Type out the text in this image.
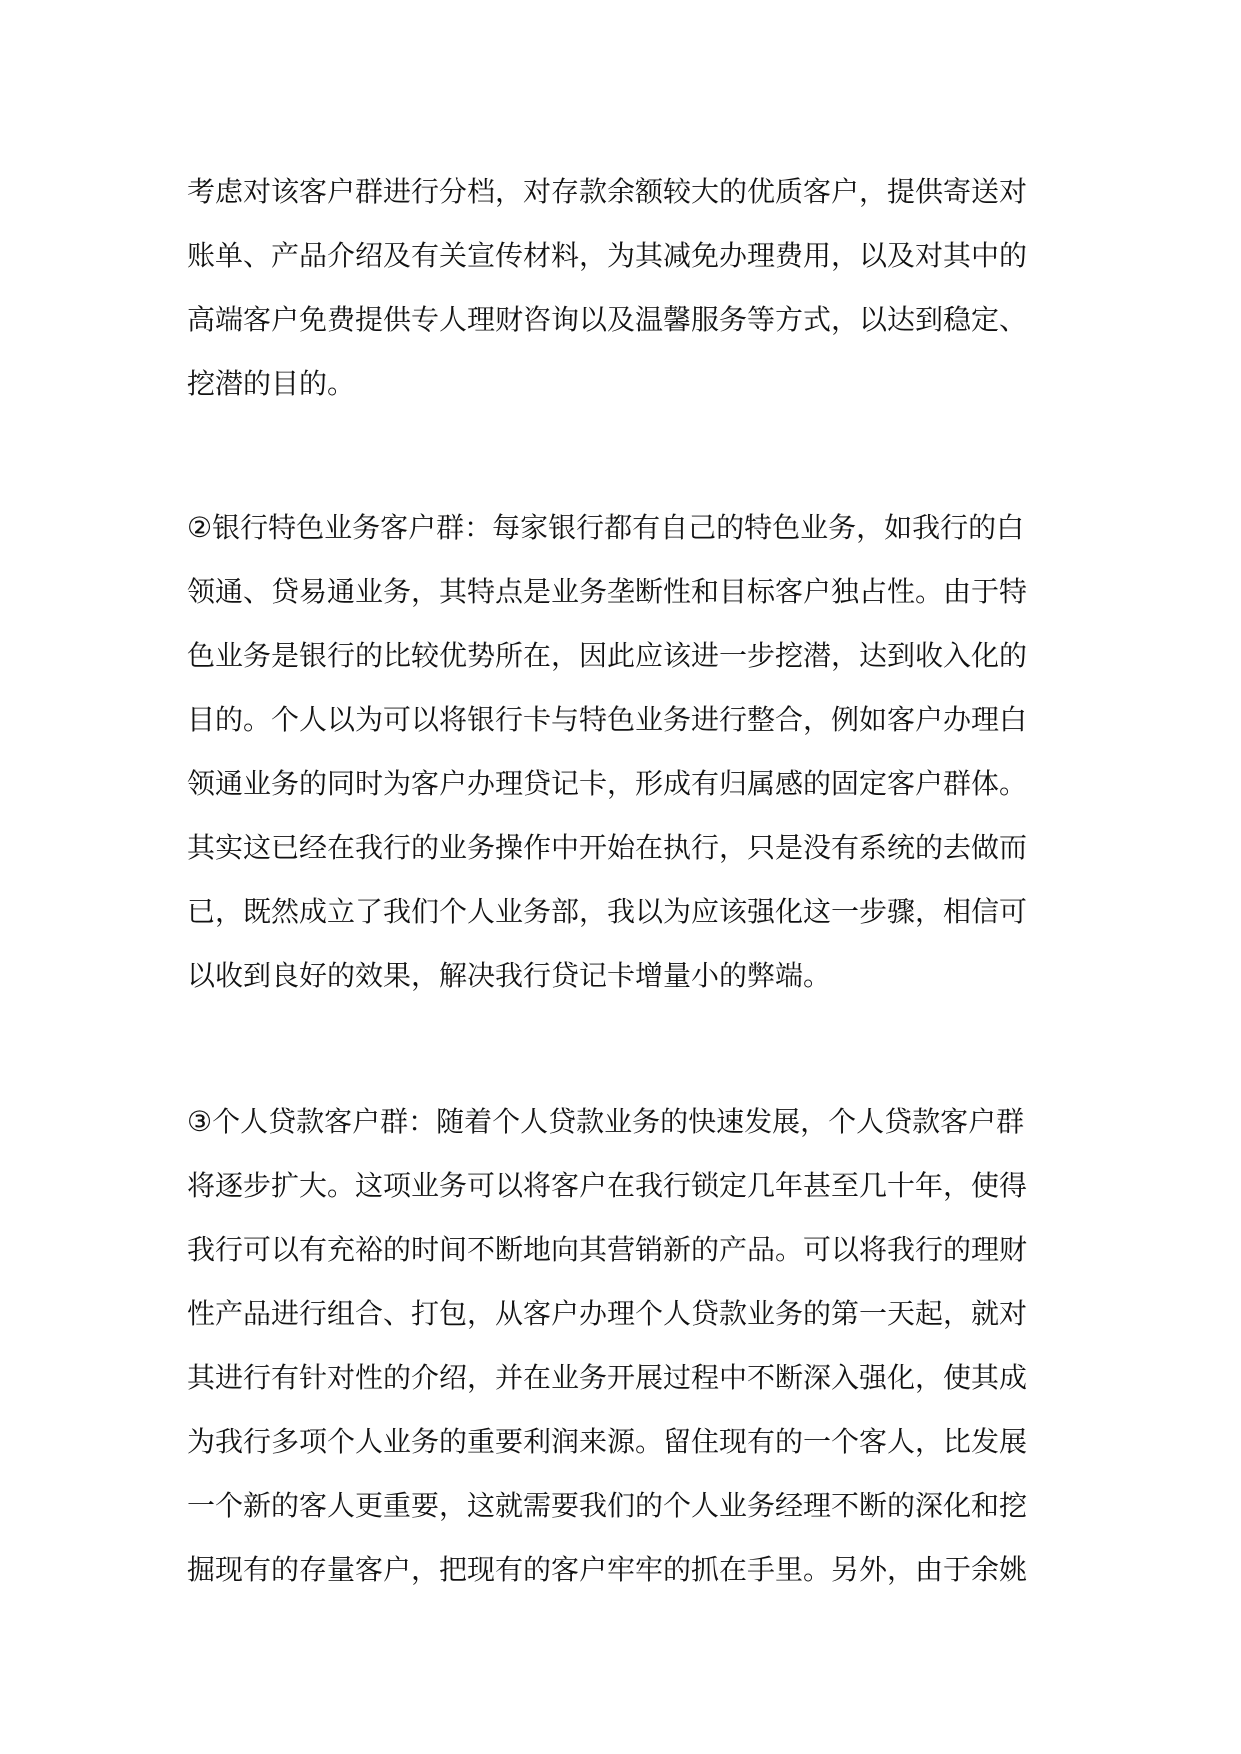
考虑对该客户群进行分档，对存款余额较大的优质客户，提供寄送对
账单、产品介绍及有关宣传材料，为其减免办理费用，以及对其中的
高端客户免费提供专人理财咨询以及温馨服务等方式，以达到稳定、
挖潜的目的。

②银行特色业务客户群：每家银行都有自己的特色业务，如我行的白
领通、贷易通业务，其特点是业务垄断性和目标客户独占性。由于特
色业务是银行的比较优势所在，因此应该进一步挖潜，达到收入化的
目的。个人以为可以将银行卡与特色业务进行整合，例如客户办理白
领通业务的同时为客户办理贷记卡，形成有归属感的固定客户群体。
其实这已经在我行的业务操作中开始在执行，只是没有系统的去做而
已，既然成立了我们个人业务部，我以为应该强化这一步骤，相信可
以收到良好的效果，解决我行贷记卡增量小的弊端。

③个人贷款客户群：随着个人贷款业务的快速发展，个人贷款客户群
将逐步扩大。这项业务可以将客户在我行锁定几年甚至几十年，使得
我行可以有充裕的时间不断地向其营销新的产品。可以将我行的理财
性产品进行组合、打包，从客户办理个人贷款业务的第一天起，就对
其进行有针对性的介绍，并在业务开展过程中不断深入强化，使其成
为我行多项个人业务的重要利润来源。留住现有的一个客人，比发展
一个新的客人更重要，这就需要我们的个人业务经理不断的深化和挖
掘现有的存量客户，把现有的客户牢牢的抓在手里。另外，由于余姚
